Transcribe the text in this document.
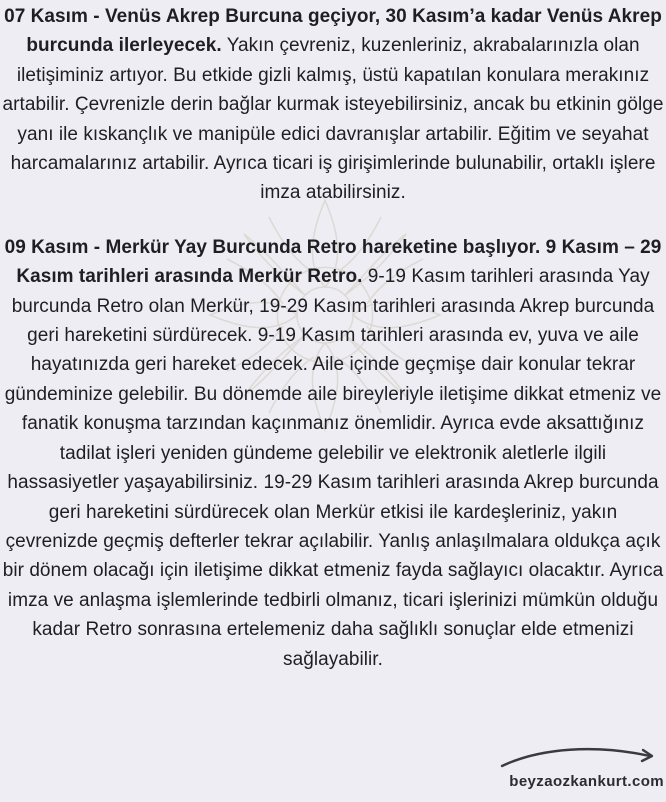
07 Kasım - Venüs Akrep Burcuna geçiyor, 30 Kasım’a kadar Venüs Akrep burcunda ilerleyecek. Yakın çevreniz, kuzenleriniz, akrabalarınızla olan iletişiminiz artıyor. Bu etkide gizli kalmış, üstü kapatılan konulara merakınız artabilir. Çevrenizle derin bağlar kurmak isteyebilirsiniz, ancak bu etkinin gölge yanı ile kıskançlık ve manipüle edici davranışlar artabilir. Eğitim ve seyahat harcamalarınız artabilir. Ayrıca ticari iş girişimlerinde bulunabilir, ortaklı işlere imza atabilirsiniz.

09 Kasım - Merkür Yay Burcunda Retro hareketine başlıyor. 9 Kasım – 29 Kasım tarihleri arasında Merkür Retro. 9-19 Kasım tarihleri arasında Yay burcunda Retro olan Merkür, 19-29 Kasım tarihleri arasında Akrep burcunda geri hareketini sürdürecek. 9-19 Kasım tarihleri arasında ev, yuva ve aile hayatınızda geri hareket edecek. Aile içinde geçmişe dair konular tekrar gündeminize gelebilir. Bu dönemde aile bireyleriyle iletişime dikkat etmeniz ve fanatik konuşma tarzından kaçınmanız önemlidir. Ayrıca evde aksattığınız tadilat işleri yeniden gündeme gelebilir ve elektronik aletlerle ilgili hassasiyetler yaşayabilirsiniz. 19-29 Kasım tarihleri arasında Akrep burcunda geri hareketini sürdürecek olan Merkür etkisi ile kardeşleriniz, yakın çevrenizde geçmiş defterler tekrar açılabilir. Yanlış anlaşılmalara oldukça açık bir dönem olacağı için iletişime dikkat etmeniz fayda sağlayıcı olacaktır. Ayrıca imza ve anlaşma işlemlerinde tedbirli olmanız, ticari işlerinizi mümkün olduğu kadar Retro sonrasına ertelemeniz daha sağlıklı sonuçlar elde etmenizi sağlayabilir.

beyzaozkankurt.com
